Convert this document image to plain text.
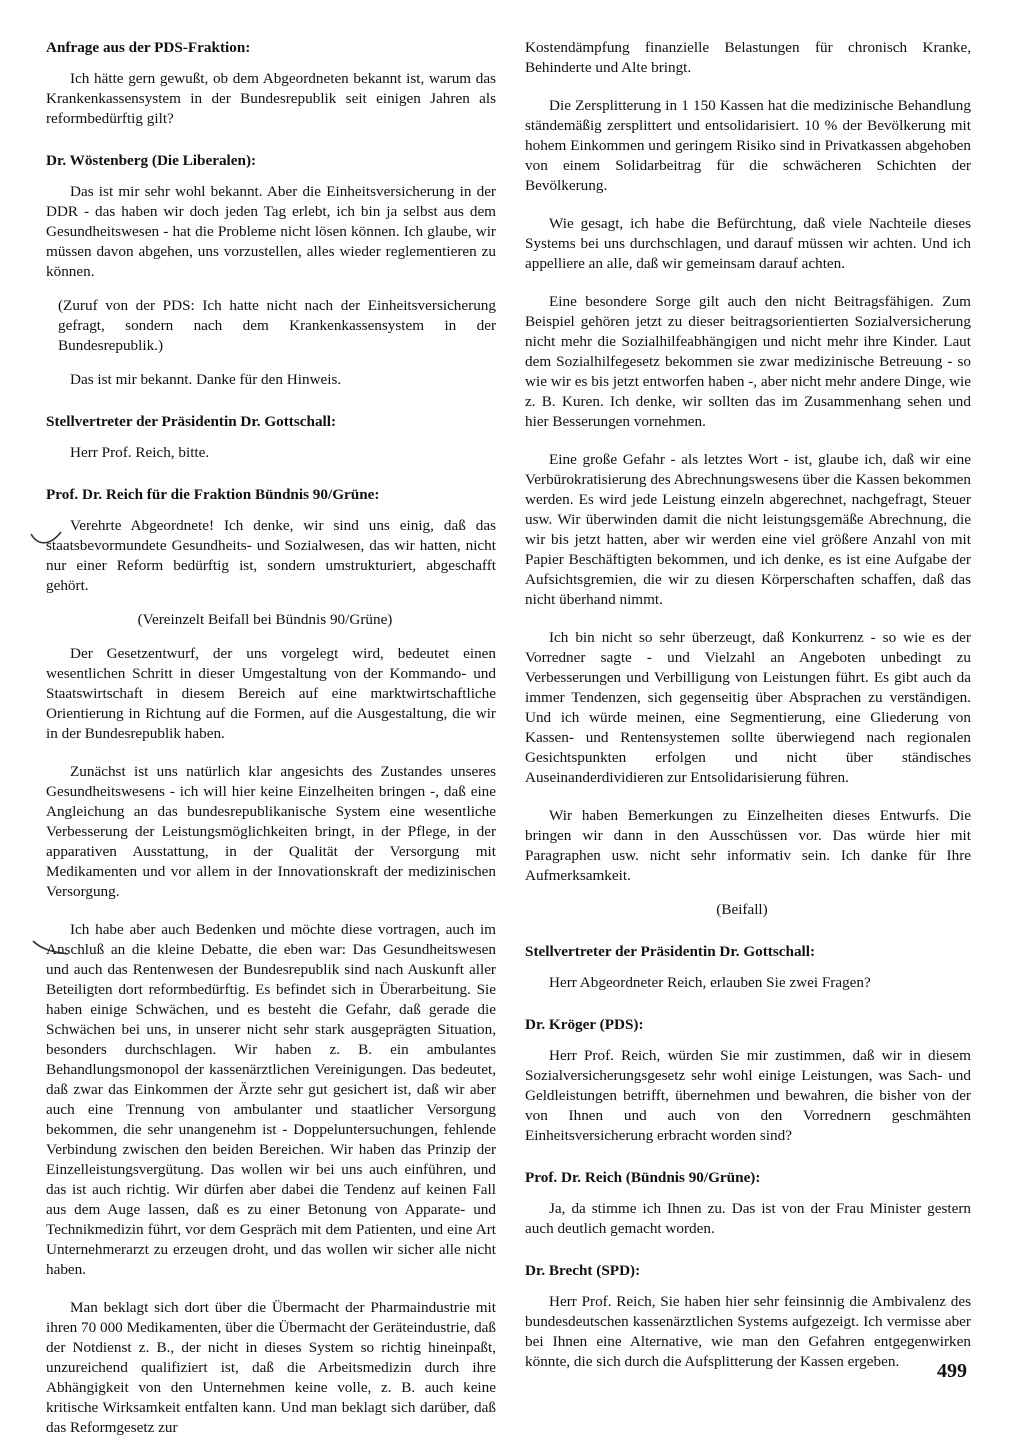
Anfrage aus der PDS-Fraktion:

Ich hätte gern gewußt, ob dem Abgeordneten bekannt ist, warum das Krankenkassensystem in der Bundesrepublik seit einigen Jahren als reformbedürftig gilt?

Dr. Wöstenberg (Die Liberalen):

Das ist mir sehr wohl bekannt. Aber die Einheitsversicherung in der DDR - das haben wir doch jeden Tag erlebt, ich bin ja selbst aus dem Gesundheitswesen - hat die Probleme nicht lösen können. Ich glaube, wir müssen davon abgehen, uns vorzustellen, alles wieder reglementieren zu können.

(Zuruf von der PDS: Ich hatte nicht nach der Einheitsversicherung gefragt, sondern nach dem Krankenkassensystem in der Bundesrepublik.)

Das ist mir bekannt. Danke für den Hinweis.

Stellvertreter der Präsidentin Dr. Gottschall:

Herr Prof. Reich, bitte.

Prof. Dr. Reich für die Fraktion Bündnis 90/Grüne:

Verehrte Abgeordnete! Ich denke, wir sind uns einig, daß das staatsbevormundete Gesundheits- und Sozialwesen, das wir hatten, nicht nur einer Reform bedürftig ist, sondern umstrukturiert, abgeschafft gehört.

(Vereinzelt Beifall bei Bündnis 90/Grüne)

Der Gesetzentwurf, der uns vorgelegt wird, bedeutet einen wesentlichen Schritt in dieser Umgestaltung von der Kommando- und Staatswirtschaft in diesem Bereich auf eine marktwirtschaftliche Orientierung in Richtung auf die Formen, auf die Ausgestaltung, die wir in der Bundesrepublik haben.

Zunächst ist uns natürlich klar angesichts des Zustandes unseres Gesundheitswesens - ich will hier keine Einzelheiten bringen -, daß eine Angleichung an das bundesrepublikanische System eine wesentliche Verbesserung der Leistungsmöglichkeiten bringt, in der Pflege, in der apparativen Ausstattung, in der Qualität der Versorgung mit Medikamenten und vor allem in der Innovationskraft der medizinischen Versorgung.

Ich habe aber auch Bedenken und möchte diese vortragen, auch im Anschluß an die kleine Debatte, die eben war: Das Gesundheitswesen und auch das Rentenwesen der Bundesrepublik sind nach Auskunft aller Beteiligten dort reformbedürftig. Es befindet sich in Überarbeitung. Sie haben einige Schwächen, und es besteht die Gefahr, daß gerade die Schwächen bei uns, in unserer nicht sehr stark ausgeprägten Situation, besonders durchschlagen. Wir haben z. B. ein ambulantes Behandlungsmonopol der kassenärztlichen Vereinigungen. Das bedeutet, daß zwar das Einkommen der Ärzte sehr gut gesichert ist, daß wir aber auch eine Trennung von ambulanter und staatlicher Versorgung bekommen, die sehr unangenehm ist - Doppeluntersuchungen, fehlende Verbindung zwischen den beiden Bereichen. Wir haben das Prinzip der Einzelleistungsvergütung. Das wollen wir bei uns auch einführen, und das ist auch richtig. Wir dürfen aber dabei die Tendenz auf keinen Fall aus dem Auge lassen, daß es zu einer Betonung von Apparate- und Technikmedizin führt, vor dem Gespräch mit dem Patienten, und eine Art Unternehmerarzt zu erzeugen droht, und das wollen wir sicher alle nicht haben.

Man beklagt sich dort über die Übermacht der Pharmaindustrie mit ihren 70 000 Medikamenten, über die Übermacht der Geräteindustrie, daß der Notdienst z. B., der nicht in dieses System so richtig hineinpaßt, unzureichend qualifiziert ist, daß die Arbeitsmedizin durch ihre Abhängigkeit von den Unternehmen keine volle, z. B. auch keine kritische Wirksamkeit entfalten kann. Und man beklagt sich darüber, daß das Reformgesetz zur

Kostendämpfung finanzielle Belastungen für chronisch Kranke, Behinderte und Alte bringt.

Die Zersplitterung in 1 150 Kassen hat die medizinische Behandlung ständemäßig zersplittert und entsolidarisiert. 10 % der Bevölkerung mit hohem Einkommen und geringem Risiko sind in Privatkassen abgehoben von einem Solidarbeitrag für die schwächeren Schichten der Bevölkerung.

Wie gesagt, ich habe die Befürchtung, daß viele Nachteile dieses Systems bei uns durchschlagen, und darauf müssen wir achten. Und ich appelliere an alle, daß wir gemeinsam darauf achten.

Eine besondere Sorge gilt auch den nicht Beitragsfähigen. Zum Beispiel gehören jetzt zu dieser beitragsorientierten Sozialversicherung nicht mehr die Sozialhilfeabhängigen und nicht mehr ihre Kinder. Laut dem Sozialhilfegesetz bekommen sie zwar medizinische Betreuung - so wie wir es bis jetzt entworfen haben -, aber nicht mehr andere Dinge, wie z. B. Kuren. Ich denke, wir sollten das im Zusammenhang sehen und hier Besserungen vornehmen.

Eine große Gefahr - als letztes Wort - ist, glaube ich, daß wir eine Verbürokratisierung des Abrechnungswesens über die Kassen bekommen werden. Es wird jede Leistung einzeln abgerechnet, nachgefragt, Steuer usw. Wir überwinden damit die nicht leistungsgemäße Abrechnung, die wir bis jetzt hatten, aber wir werden eine viel größere Anzahl von mit Papier Beschäftigten bekommen, und ich denke, es ist eine Aufgabe der Aufsichtsgremien, die wir zu diesen Körperschaften schaffen, daß das nicht überhand nimmt.

Ich bin nicht so sehr überzeugt, daß Konkurrenz - so wie es der Vorredner sagte - und Vielzahl an Angeboten unbedingt zu Verbesserungen und Verbilligung von Leistungen führt. Es gibt auch da immer Tendenzen, sich gegenseitig über Absprachen zu verständigen. Und ich würde meinen, eine Segmentierung, eine Gliederung von Kassen- und Rentensystemen sollte überwiegend nach regionalen Gesichtspunkten erfolgen und nicht über ständisches Auseinanderdividieren zur Entsolidarisierung führen.

Wir haben Bemerkungen zu Einzelheiten dieses Entwurfs. Die bringen wir dann in den Ausschüssen vor. Das würde hier mit Paragraphen usw. nicht sehr informativ sein. Ich danke für Ihre Aufmerksamkeit.

(Beifall)

Stellvertreter der Präsidentin Dr. Gottschall:

Herr Abgeordneter Reich, erlauben Sie zwei Fragen?

Dr. Kröger (PDS):

Herr Prof. Reich, würden Sie mir zustimmen, daß wir in diesem Sozialversicherungsgesetz sehr wohl einige Leistungen, was Sach- und Geldleistungen betrifft, übernehmen und bewahren, die bisher von der von Ihnen und auch von den Vorrednern geschmähten Einheitsversicherung erbracht worden sind?

Prof. Dr. Reich (Bündnis 90/Grüne):

Ja, da stimme ich Ihnen zu. Das ist von der Frau Minister gestern auch deutlich gemacht worden.

Dr. Brecht (SPD):

Herr Prof. Reich, Sie haben hier sehr feinsinnig die Ambivalenz des bundesdeutschen kassenärztlichen Systems aufgezeigt. Ich vermisse aber bei Ihnen eine Alternative, wie man den Gefahren entgegenwirken könnte, die sich durch die Aufsplitterung der Kassen ergeben.	499
